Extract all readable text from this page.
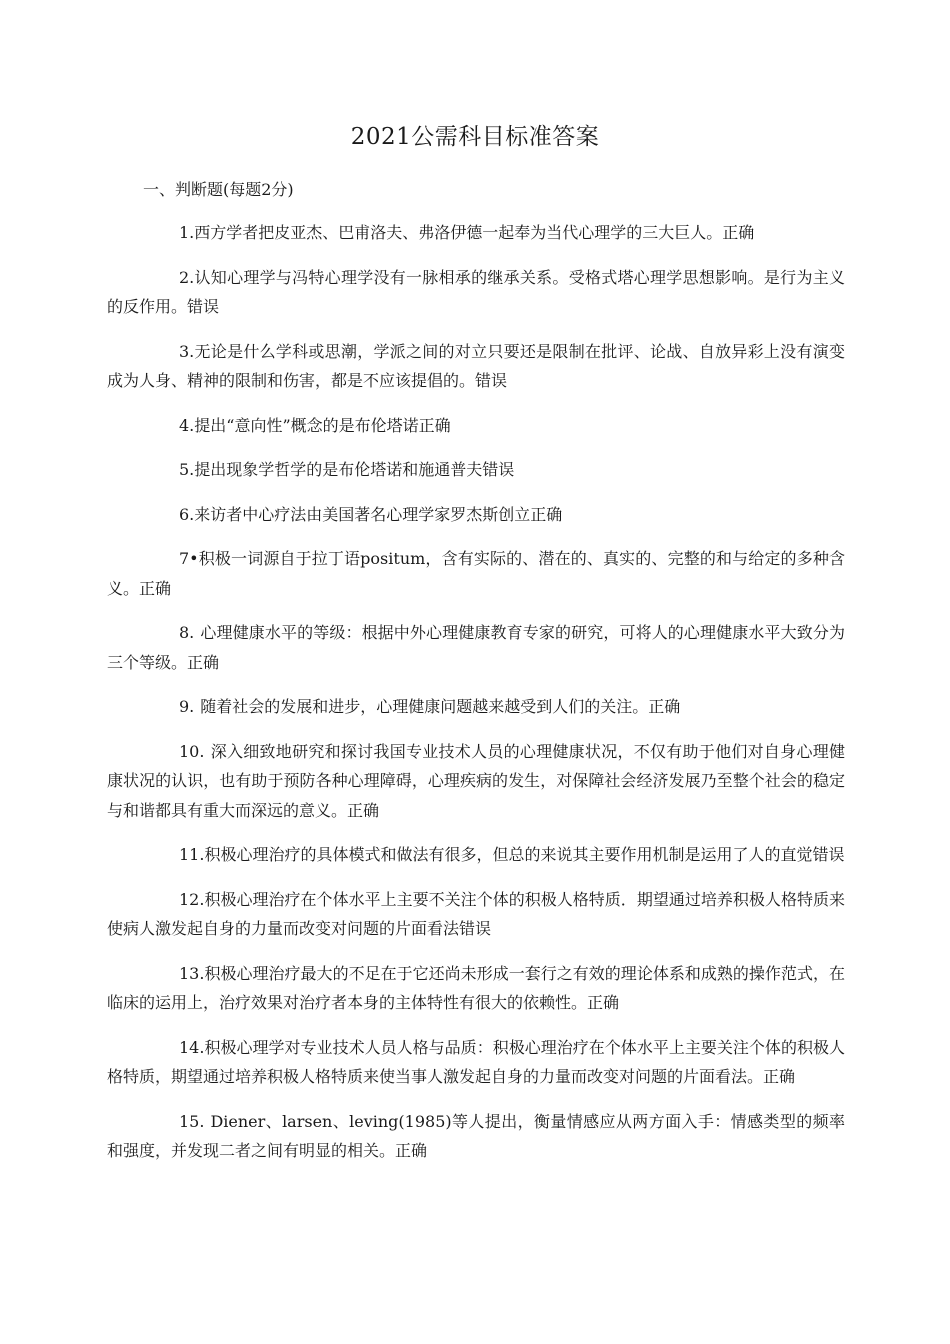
2021公需科目标准答案
一、判断题(每题2分)

1.西方学者把皮亚杰、巴甫洛夫、弗洛伊德一起奉为当代心理学的三大巨人。正确

2.认知心理学与冯特心理学没有一脉相承的继承关系。受格式塔心理学思想影响。是行为主义的反作用。错误

3.无论是什么学科或思潮，学派之间的对立只要还是限制在批评、论战、自放异彩上没有演变成为人身、精神的限制和伤害，都是不应该提倡的。错误

4.提出“意向性”概念的是布伦塔诺正确

5.提出现象学哲学的是布伦塔诺和施通普夫错误

6.来访者中心疗法由美国著名心理学家罗杰斯创立正确

7•积极一词源自于拉丁语positum，含有实际的、潜在的、真实的、完整的和与给定的多种含义。正确

8. 心理健康水平的等级：根据中外心理健康教育专家的研究，可将人的心理健康水平大致分为三个等级。正确

9. 随着社会的发展和进步，心理健康问题越来越受到人们的关注。正确

10. 深入细致地研究和探讨我国专业技术人员的心理健康状况，不仅有助于他们对自身心理健康状况的认识，也有助于预防各种心理障碍，心理疾病的发生，对保障社会经济发展乃至整个社会的稳定与和谐都具有重大而深远的意义。正确

11.积极心理治疗的具体模式和做法有很多，但总的来说其主要作用机制是运用了人的直觉错误

12.积极心理治疗在个体水平上主要不关注个体的积极人格特质．期望通过培养积极人格特质来使病人激发起自身的力量而改变对问题的片面看法错误

13.积极心理治疗最大的不足在于它还尚未形成一套行之有效的理论体系和成熟的操作范式，在临床的运用上，治疗效果对治疗者本身的主体特性有很大的依赖性。正确

14.积极心理学对专业技术人员人格与品质：积极心理治疗在个体水平上主要关注个体的积极人格特质，期望通过培养积极人格特质来使当事人激发起自身的力量而改变对问题的片面看法。正确

15. Diener、larsen、leving(1985)等人提出，衡量情感应从两方面入手：情感类型的频率和强度，并发现二者之间有明显的相关。正确
